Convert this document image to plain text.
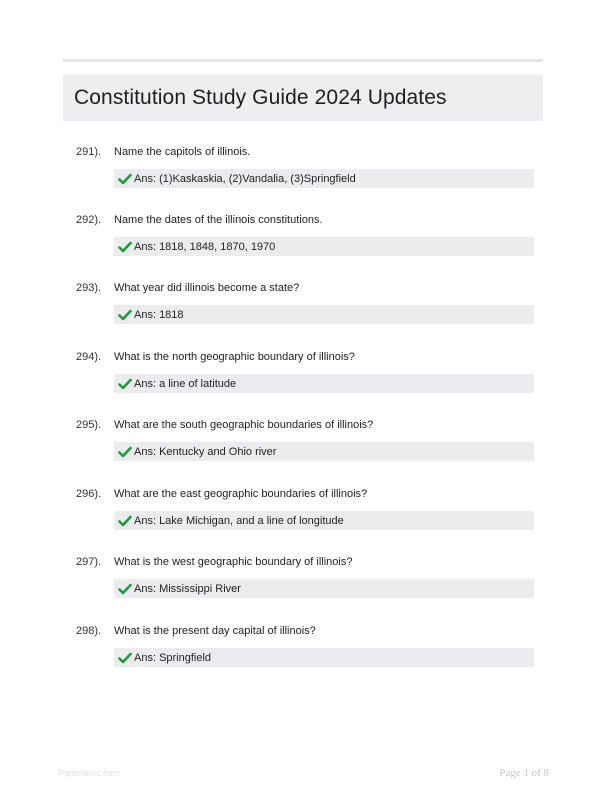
Constitution Study Guide 2024 Updates
291). Name the capitols of illinois.
Ans: (1)Kaskaskia, (2)Vandalia, (3)Springfield
292). Name the dates of the illinois constitutions.
Ans: 1818, 1848, 1870, 1970
293). What year did illinois become a state?
Ans: 1818
294). What is the north geographic boundary of illinois?
Ans: a line of latitude
295). What are the south geographic boundaries of illinois?
Ans: Kentucky and Ohio river
296). What are the east geographic boundaries of illinois?
Ans: Lake Michigan, and a line of longitude
297). What is the west geographic boundary of illinois?
Ans: Mississippi River
298). What is the present day capital of illinois?
Ans: Springfield
Paperlibric.com	Page 1 of 8
